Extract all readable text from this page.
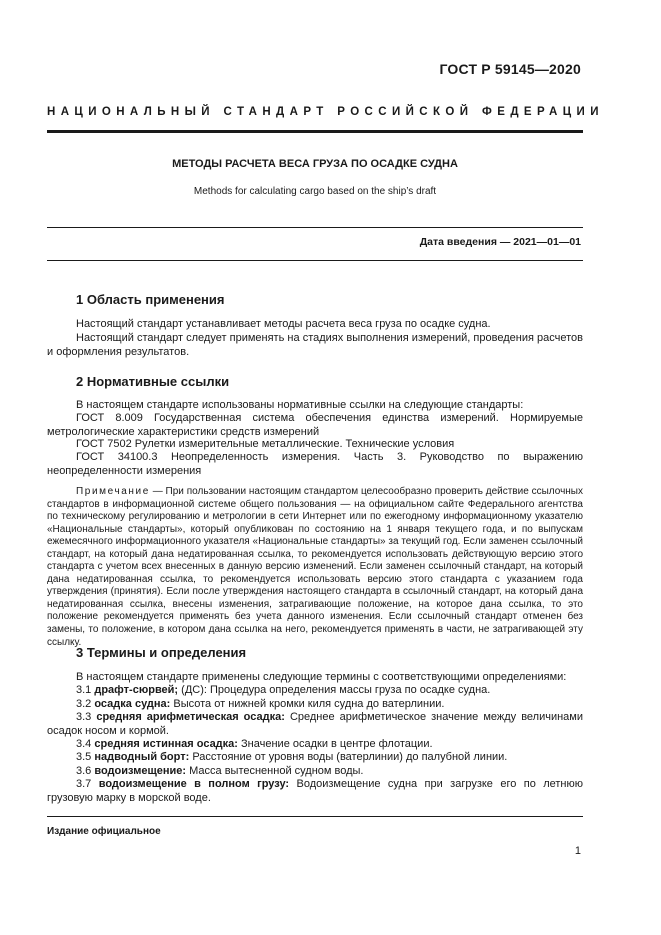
ГОСТ Р 59145—2020
НАЦИОНАЛЬНЫЙ СТАНДАРТ РОССИЙСКОЙ ФЕДЕРАЦИИ
МЕТОДЫ РАСЧЕТА ВЕСА ГРУЗА ПО ОСАДКЕ СУДНА
Methods for calculating cargo based on the ship’s draft
Дата введения — 2021—01—01
1 Область применения
Настоящий стандарт устанавливает методы расчета веса груза по осадке судна.
Настоящий стандарт следует применять на стадиях выполнения измерений, проведения расчетов и оформления результатов.
2 Нормативные ссылки
В настоящем стандарте использованы нормативные ссылки на следующие стандарты:
ГОСТ 8.009 Государственная система обеспечения единства измерений. Нормируемые метрологические характеристики средств измерений
ГОСТ 7502 Рулетки измерительные металлические. Технические условия
ГОСТ 34100.3 Неопределенность измерения. Часть 3. Руководство по выражению неопределенности измерения
Примечание — При пользовании настоящим стандартом целесообразно проверить действие ссылочных стандартов в информационной системе общего пользования — на официальном сайте Федерального агентства по техническому регулированию и метрологии в сети Интернет или по ежегодному информационному указателю «Национальные стандарты», который опубликован по состоянию на 1 января текущего года, и по выпускам ежемесячного информационного указателя «Национальные стандарты» за текущий год. Если заменен ссылочный стандарт, на который дана недатированная ссылка, то рекомендуется использовать действующую версию этого стандарта с учетом всех внесенных в данную версию изменений. Если заменен ссылочный стандарт, на который дана недатированная ссылка, то рекомендуется использовать версию этого стандарта с указанием года утверждения (принятия). Если после утверждения настоящего стандарта в ссылочный стандарт, на который дана недатированная ссылка, внесены изменения, затрагивающие положение, на которое дана ссылка, то это положение рекомендуется применять без учета данного изменения. Если ссылочный стандарт отменен без замены, то положение, в котором дана ссылка на него, рекомендуется применять в части, не затрагивающей эту ссылку.
3 Термины и определения
В настоящем стандарте применены следующие термины с соответствующими определениями:
3.1 драфт-сюрвей; (ДС): Процедура определения массы груза по осадке судна.
3.2 осадка судна: Высота от нижней кромки киля судна до ватерлинии.
3.3 средняя арифметическая осадка: Среднее арифметическое значение между величинами осадок носом и кормой.
3.4 средняя истинная осадка: Значение осадки в центре флотации.
3.5 надводный борт: Расстояние от уровня воды (ватерлинии) до палубной линии.
3.6 водоизмещение: Масса вытесненной судном воды.
3.7 водоизмещение в полном грузу: Водоизмещение судна при загрузке его по летнюю грузовую марку в морской воде.
Издание официальное
1
